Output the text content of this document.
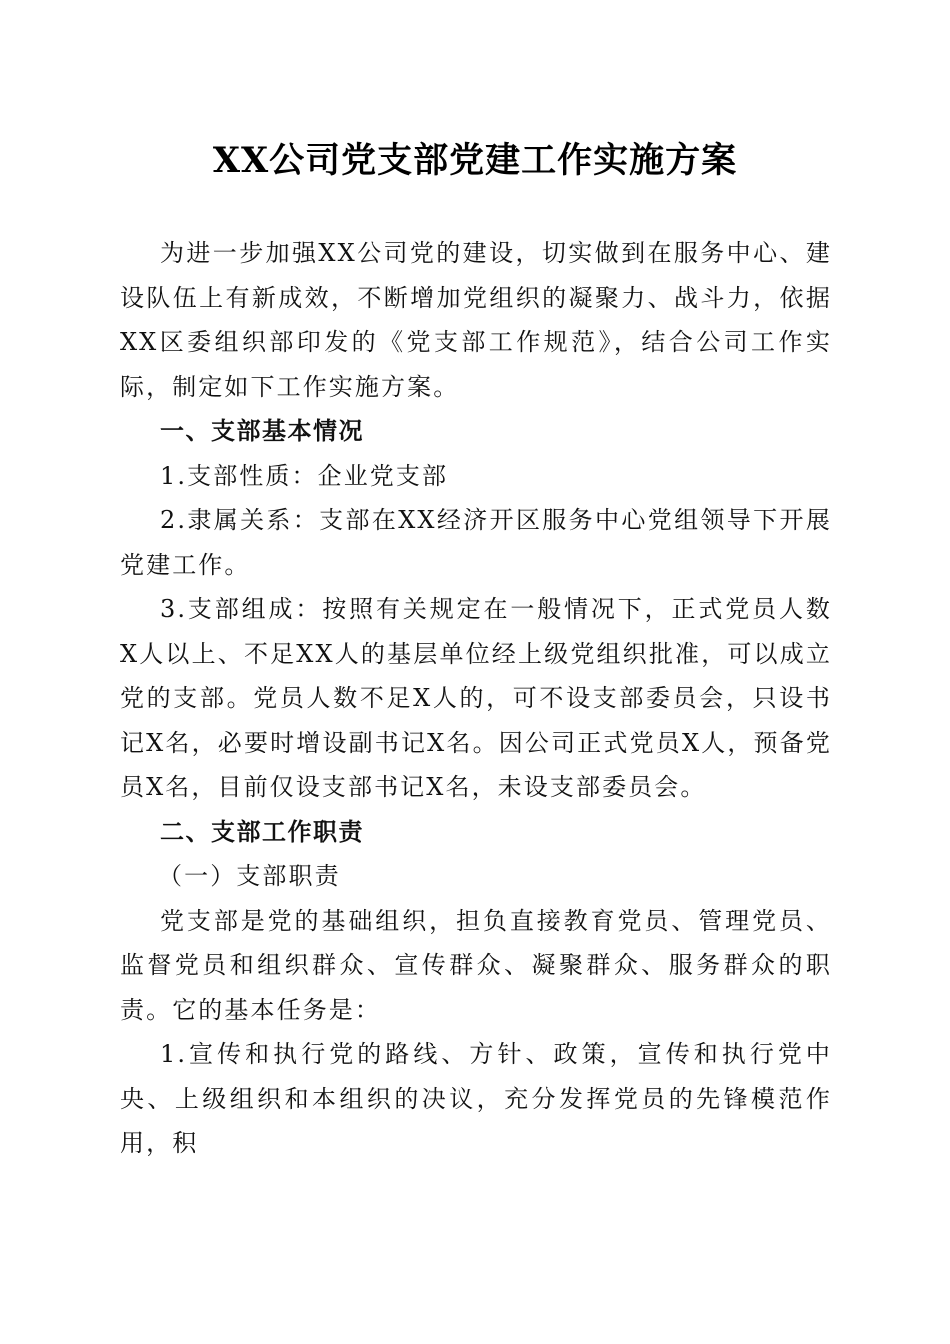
XX公司党支部党建工作实施方案

为进一步加强XX公司党的建设，切实做到在服务中心、建设队伍上有新成效，不断增加党组织的凝聚力、战斗力，依据XX区委组织部印发的《党支部工作规范》，结合公司工作实际，制定如下工作实施方案。

一、支部基本情况

1.支部性质：企业党支部

2.隶属关系：支部在XX经济开区服务中心党组领导下开展党建工作。

3.支部组成：按照有关规定在一般情况下，正式党员人数X人以上、不足XX人的基层单位经上级党组织批准，可以成立党的支部。党员人数不足X人的，可不设支部委员会，只设书记X名，必要时增设副书记X名。因公司正式党员X人，预备党员X名，目前仅设支部书记X名，未设支部委员会。

二、支部工作职责

（一）支部职责

党支部是党的基础组织，担负直接教育党员、管理党员、监督党员和组织群众、宣传群众、凝聚群众、服务群众的职责。它的基本任务是：

1.宣传和执行党的路线、方针、政策，宣传和执行党中央、上级组织和本组织的决议，充分发挥党员的先锋模范作用，积
